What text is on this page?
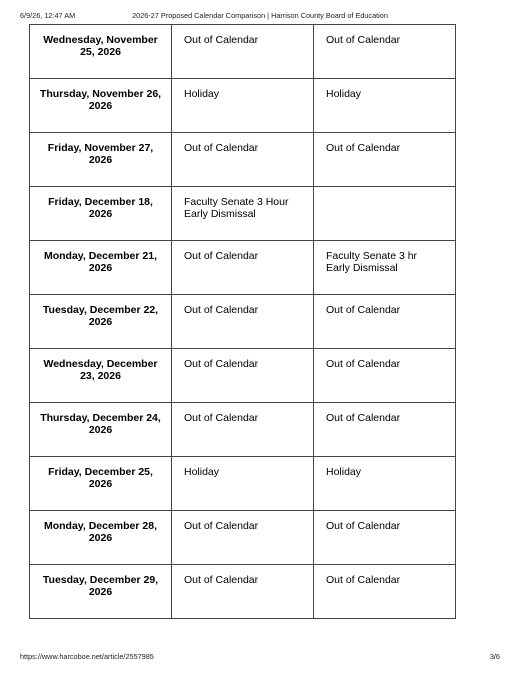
6/9/26, 12:47 AM	2026-27 Proposed Calendar Comparison | Harrison County Board of Education
Wednesday, November 25, 2026	Out of Calendar	Out of Calendar
Thursday, November 26, 2026	Holiday	Holiday
Friday, November 27, 2026	Out of Calendar	Out of Calendar
Friday, December 18, 2026	Faculty Senate 3 Hour Early Dismissal	
Monday, December 21, 2026	Out of Calendar	Faculty Senate 3 hr Early Dismissal
Tuesday, December 22, 2026	Out of Calendar	Out of Calendar
Wednesday, December 23, 2026	Out of Calendar	Out of Calendar
Thursday, December 24, 2026	Out of Calendar	Out of Calendar
Friday, December 25, 2026	Holiday	Holiday
Monday, December 28, 2026	Out of Calendar	Out of Calendar
Tuesday, December 29, 2026	Out of Calendar	Out of Calendar
https://www.harcoboe.net/article/2557985	3/6
